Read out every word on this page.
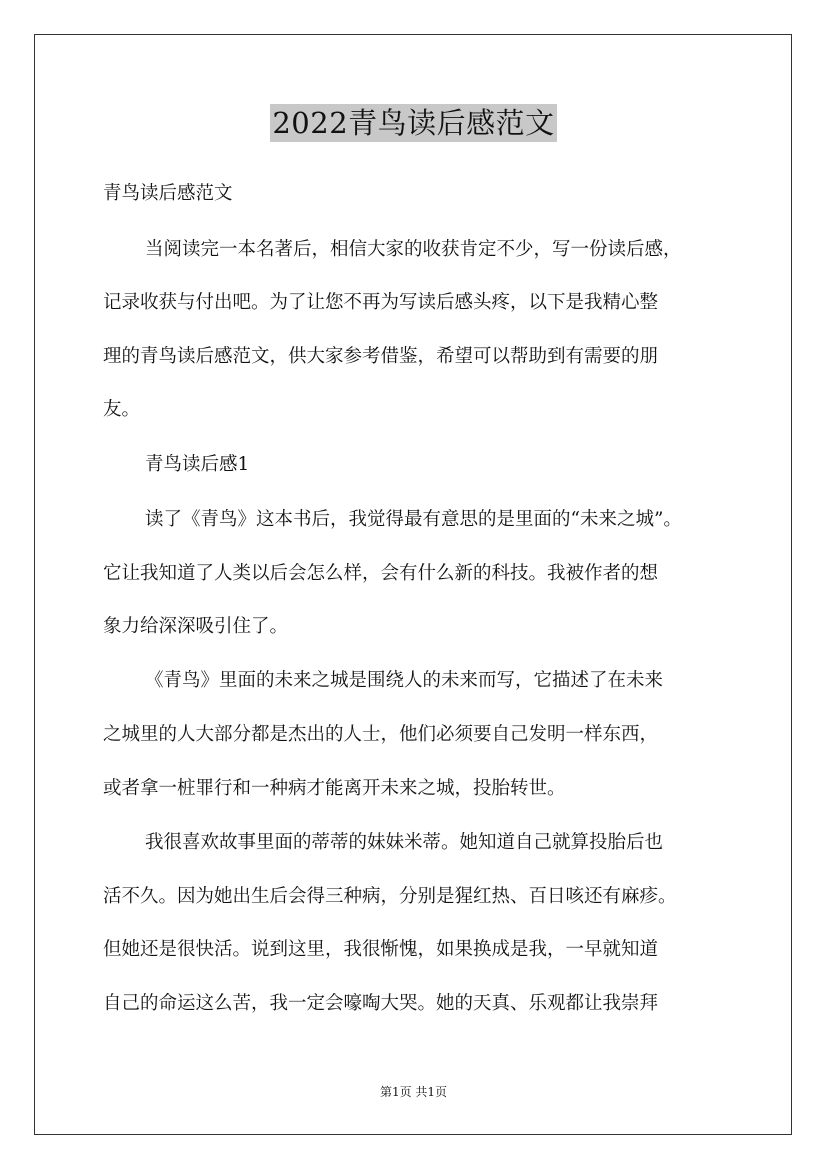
2022青鸟读后感范文
青鸟读后感范文
当阅读完一本名著后，相信大家的收获肯定不少，写一份读后感，
记录收获与付出吧。为了让您不再为写读后感头疼，以下是我精心整
理的青鸟读后感范文，供大家参考借鉴，希望可以帮助到有需要的朋
友。
青鸟读后感1
读了《青鸟》这本书后，我觉得最有意思的是里面的“未来之城”。
它让我知道了人类以后会怎么样，会有什么新的科技。我被作者的想
象力给深深吸引住了。
《青鸟》里面的未来之城是围绕人的未来而写，它描述了在未来
之城里的人大部分都是杰出的人士，他们必须要自己发明一样东西，
或者拿一桩罪行和一种病才能离开未来之城，投胎转世。
我很喜欢故事里面的蒂蒂的妹妹米蒂。她知道自己就算投胎后也
活不久。因为她出生后会得三种病，分别是猩红热、百日咳还有麻疹。
但她还是很快活。说到这里，我很惭愧，如果换成是我，一早就知道
自己的命运这么苦，我一定会嚎啕大哭。她的天真、乐观都让我崇拜
第1页 共1页
